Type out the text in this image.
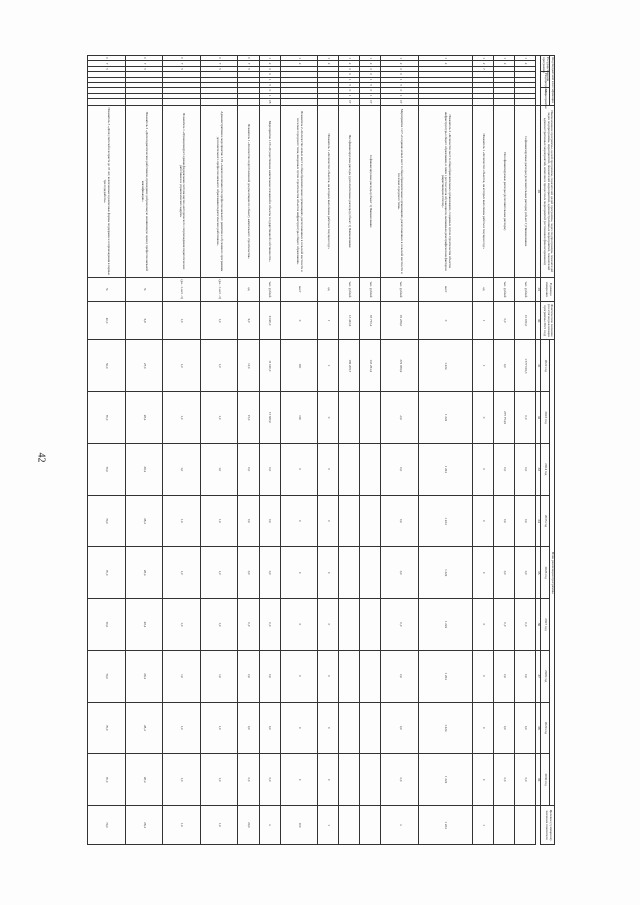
42
Код бюджетной классификации									Наименование программы, целей программы, показателей целей программы, задач подпрограммы, показателей задач подпрограммы, мероприятий, показателей мероприятий, административных мероприятий, показателей административных мероприятий, комплекса процессных мероприятий (источников финансирования)	Единица измерения	Фактическое значение (по итогам реализации программы 2021 год)	План реализации программы									Целевое (суммарное) значение показателя
Государственная программа			Подпрограмма			Мероприятие						2022 год	2023 год	2024 год	2025 год	2026 год	2027 год	2028 год	2029 год	2030 год	
									28	29	30	31	32	33	34	35	36	37	38	39	
1	2								Софинансируемые расходы (дополнительные расходы) (объект 1) Наименование	тыс. рублей	10 030,0	1 577 016,3	0,0	0,0	0,0	0,0	0,0	0,0	0,0	0,0	
1	2								Несофинансируемые расходы (дополнительные расходы)	тыс. рублей	0,0	0,0	275 754,9	0,0	0,0	0,0	0,0	0,0	0,0	0,0	
1	2	7							Показатель 1 «Количество объектов, на которых выполнены работы в текущем году»	ед.	1	1	0	0	0	0	0	0	0	0	1
1	2								Показатель 2 «Количество мест в общеобразовательных организациях, созданных путем строительства объектов инфраструктуры общего образования, в связи с ростом числа обучающихся, вызванным демографическим фактором (нарастающим итогом)»	мест	0	1 224	1 224	1 224	1 224	1 224	1 224	1 224	1 224	1 224	1 224
1	2	3	0	1	5	0	1	07	Мероприятие 1.07 «Создание новых мест в общеобразовательных организациях, расположенных в сельской местности и поселках городского типа»	тыс. рублей	81 239,0	372 956,9	-0,0	0,0	0,0	0,0	0,0	0,0	0,0	0,0	х
1	2	3	0	1	5	0	1	07	Софинансируемые расходы (объект 1) Наименование	тыс. рублей	67 773,4	133 261,2									
1	2	3	0	1	5	0	1	07	Несофинансируемые расходы (дополнительные расходы) (объект 1) Наименование	тыс. рублей	13 423,6	199 209,7									
1	2								Показатель 1 «Количество объектов, на которых выполнены работы в текущем году»	ед.	1	1	0	0	0	0	0	0	0	0	1
1	2								Показатель 2 «Количество новых мест в общеобразовательных организациях, расположенных в сельской местности и поселках городского типа, введенных путем строительства объектов инфраструктуры общего образования»	мест	0	100	100	0	0	0	0	0	0	0	100
1	2	3	0	1	5	0	1	08	Мероприятие 1.08 «Осуществление капитальных вложений в объекты государственной собственности»	тыс. рублей	9 020,0	11 020,0	15 930,0	0,0	0,0	0,0	0,0	0,0	0,0	0,0	х
0	7	5							Показатель 1 «Количество подготовленной документации по объекту капитального строительства»	ед.	9,0	11,0	15,0	0,0	0,0	0,0	0,0	0,0	0,0	0,0	20,0
0	7	5							Административное мероприятие 1.09 «Анализ возможности профессионального развития и обучения по программам дополнительного профессионального образования педагогических работников»	(да - 1, нет - 0)	1,0	1,0	1,0	1,0	1,0	1,0	1,0	1,0	1,0	1,0	1,0
0	7	5							Показатель 1 «Функционирует единая федеральная система научно-методического сопровождения педагогических работников и управленческих кадров»	(да - 1, нет - 0)	1,0	1,0	1,0	1,0	1,0	1,0	1,0	1,0	1,0	1,0	1,0
0	7	5							Показатель 2 «Доля педагогических работников, прошедших добровольную независимую оценку профессиональной квалификации»	%	6,8	27,0	28,4	28,4	28,4	28,4	28,4	28,4	28,4	28,4	28,4
0	7	5							Показатель 3 «Доля учителей в возрасте до 35 лет, вовлеченных в различные формы поддержки и сопровождения в первые три года работы»	%	40,0	50,0	70,0	70,0	70,0	70,0	70,0	70,0	70,0	70,0	70,0
